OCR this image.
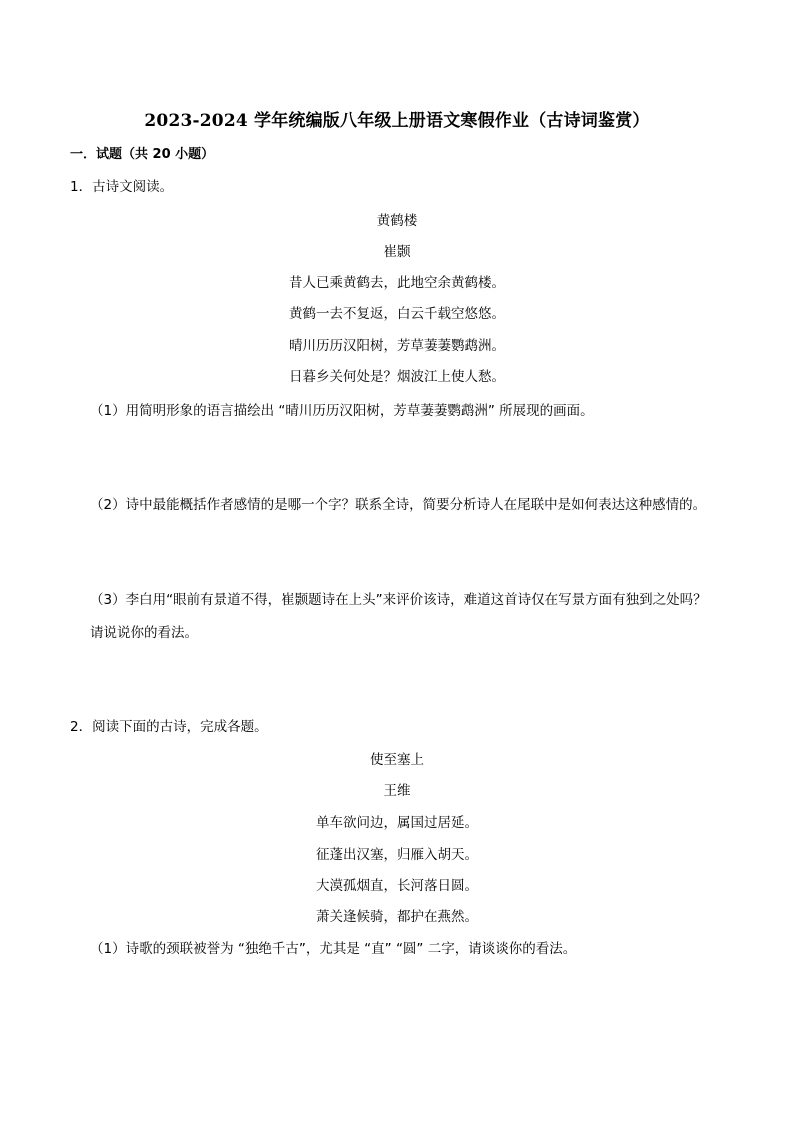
2023-2024 学年统编版八年级上册语文寒假作业（古诗词鉴赏）
一．试题（共 20 小题）
1．古诗文阅读。
黄鹤楼
崔颢
昔人已乘黄鹤去，此地空余黄鹤楼。
黄鹤一去不复返，白云千载空悠悠。
晴川历历汉阳树，芳草萋萋鹦鹉洲。
日暮乡关何处是？烟波江上使人愁。
（1）用简明形象的语言描绘出 “晴川历历汉阳树，芳草萋萋鹦鹉洲” 所展现的画面。
（2）诗中最能概括作者感情的是哪一个字？联系全诗，简要分析诗人在尾联中是如何表达这种感情的。
（3）李白用“眼前有景道不得，崔颢题诗在上头”来评价该诗，难道这首诗仅在写景方面有独到之处吗？
请说说你的看法。
2．阅读下面的古诗，完成各题。
使至塞上
王维
单车欲问边，属国过居延。
征蓬出汉塞，归雁入胡天。
大漠孤烟直，长河落日圆。
萧关逢候骑，都护在燕然。
（1）诗歌的颈联被誉为 “独绝千古”，尤其是 “直” “圆” 二字，请谈谈你的看法。
